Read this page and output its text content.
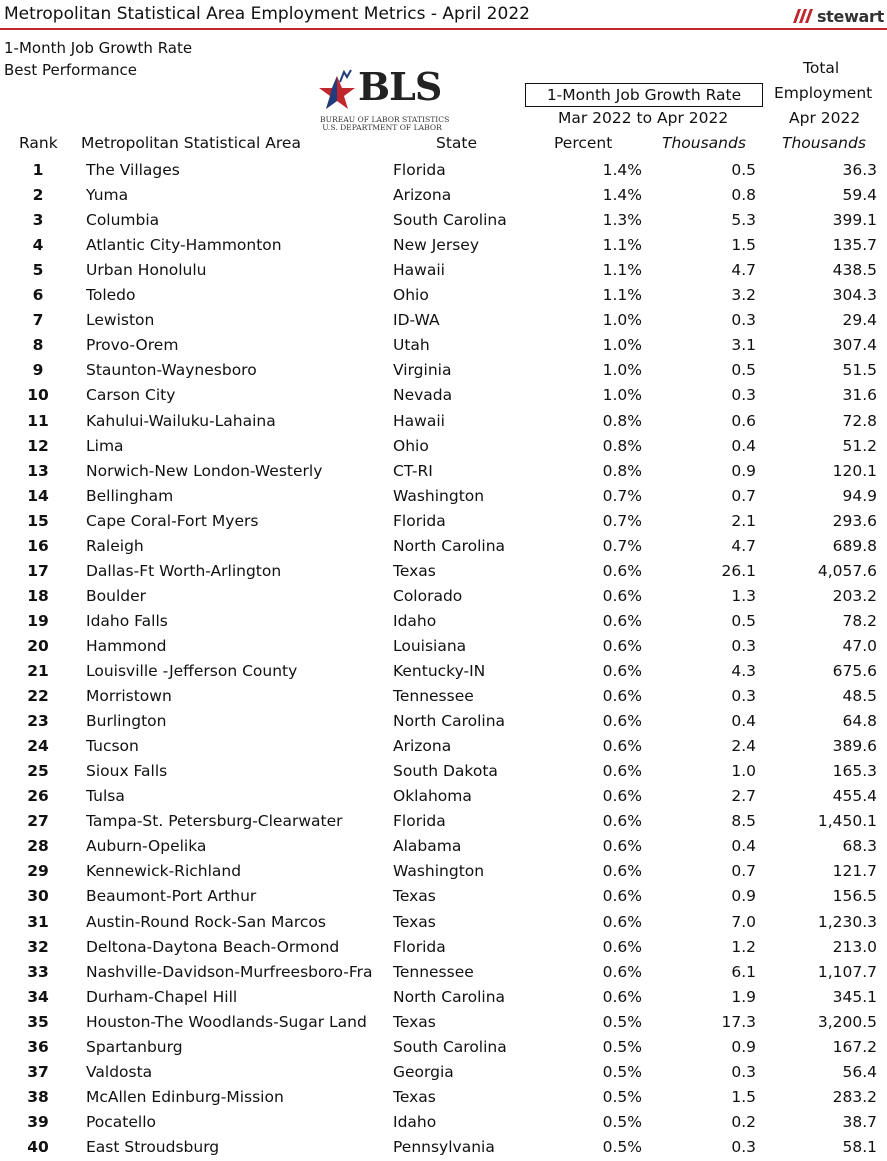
Metropolitan Statistical Area Employment Metrics - April 2022	stewart
1-Month Job Growth Rate
Best Performance	BLS
BUREAU OF LABOR STATISTICS
U.S. DEPARTMENT OF LABOR
1-Month Job Growth Rate
Mar 2022 to Apr 2022
Total
Employment
Apr 2022
Rank Metropolitan Statistical Area	State	Percent	Thousands Thousands
1	The Villages	Florida	1.4%	0.5	36.3
2	Yuma	Arizona	1.4%	0.8	59.4
3	Columbia	South Carolina	1.3%	5.3	399.1
4	Atlantic City-Hammonton	New Jersey	1.1%	1.5	135.7
5	Urban Honolulu	Hawaii	1.1%	4.7	438.5
6	Toledo	Ohio	1.1%	3.2	304.3
7	Lewiston	ID-WA	1.0%	0.3	29.4
8	Provo-Orem	Utah	1.0%	3.1	307.4
9	Staunton-Waynesboro	Virginia	1.0%	0.5	51.5
10	Carson City	Nevada	1.0%	0.3	31.6
11	Kahului-Wailuku-Lahaina	Hawaii	0.8%	0.6	72.8
12	Lima	Ohio	0.8%	0.4	51.2
13	Norwich-New London-Westerly	CT-RI	0.8%	0.9	120.1
14	Bellingham	Washington	0.7%	0.7	94.9
15	Cape Coral-Fort Myers	Florida	0.7%	2.1	293.6
16	Raleigh	North Carolina	0.7%	4.7	689.8
17	Dallas-Ft Worth-Arlington	Texas	0.6%	26.1	4,057.6
18	Boulder	Colorado	0.6%	1.3	203.2
19	Idaho Falls	Idaho	0.6%	0.5	78.2
20	Hammond	Louisiana	0.6%	0.3	47.0
21	Louisville -Jefferson County	Kentucky-IN	0.6%	4.3	675.6
22	Morristown	Tennessee	0.6%	0.3	48.5
23	Burlington	North Carolina	0.6%	0.4	64.8
24	Tucson	Arizona	0.6%	2.4	389.6
25	Sioux Falls	South Dakota	0.6%	1.0	165.3
26	Tulsa	Oklahoma	0.6%	2.7	455.4
27	Tampa-St. Petersburg-Clearwater	Florida	0.6%	8.5	1,450.1
28	Auburn-Opelika	Alabama	0.6%	0.4	68.3
29	Kennewick-Richland	Washington	0.6%	0.7	121.7
30	Beaumont-Port Arthur	Texas	0.6%	0.9	156.5
31	Austin-Round Rock-San Marcos	Texas	0.6%	7.0	1,230.3
32	Deltona-Daytona Beach-Ormond	Florida	0.6%	1.2	213.0
33	Nashville-Davidson-Murfreesboro-Fra	Tennessee	0.6%	6.1	1,107.7
34	Durham-Chapel Hill	North Carolina	0.6%	1.9	345.1
35	Houston-The Woodlands-Sugar Land	Texas	0.5%	17.3	3,200.5
36	Spartanburg	South Carolina	0.5%	0.9	167.2
37	Valdosta	Georgia	0.5%	0.3	56.4
38	McAllen Edinburg-Mission	Texas	0.5%	1.5	283.2
39	Pocatello	Idaho	0.5%	0.2	38.7
40	East Stroudsburg	Pennsylvania	0.5%	0.3	58.1
